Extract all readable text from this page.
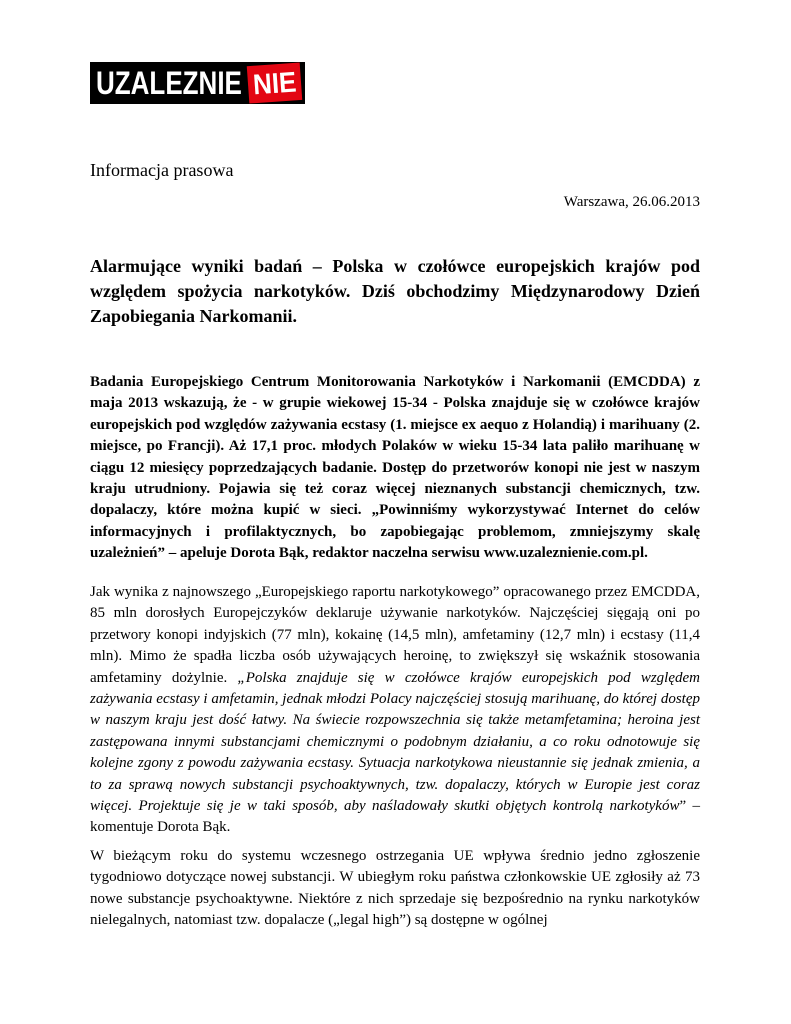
UZALEZNIE NIE
Informacja prasowa
Warszawa, 26.06.2013
Alarmujące wyniki badań – Polska w czołówce europejskich krajów pod względem spożycia narkotyków. Dziś obchodzimy Międzynarodowy Dzień Zapobiegania Narkomanii.

Badania Europejskiego Centrum Monitorowania Narkotyków i Narkomanii (EMCDDA) z maja 2013 wskazują, że - w grupie wiekowej 15-34 - Polska znajduje się w czołówce krajów europejskich pod względów zażywania ecstasy (1. miejsce ex aequo z Holandią) i marihuany (2. miejsce, po Francji). Aż 17,1 proc. młodych Polaków w wieku 15-34 lata paliło marihuanę w ciągu 12 miesięcy poprzedzających badanie. Dostęp do przetworów konopi nie jest w naszym kraju utrudniony. Pojawia się też coraz więcej nieznanych substancji chemicznych, tzw. dopalaczy, które można kupić w sieci. „Powinniśmy wykorzystywać Internet do celów informacyjnych i profilaktycznych, bo zapobiegając problemom, zmniejszymy skalę uzależnień” – apeluje Dorota Bąk, redaktor naczelna serwisu www.uzaleznienie.com.pl.

Jak wynika z najnowszego „Europejskiego raportu narkotykowego” opracowanego przez EMCDDA, 85 mln dorosłych Europejczyków deklaruje używanie narkotyków. Najczęściej sięgają oni po przetwory konopi indyjskich (77 mln), kokainę (14,5 mln), amfetaminy (12,7 mln) i ecstasy (11,4 mln). Mimo że spadła liczba osób używających heroinę, to zwiększył się wskaźnik stosowania amfetaminy dożylnie. „Polska znajduje się w czołówce krajów europejskich pod względem zażywania ecstasy i amfetamin, jednak młodzi Polacy najczęściej stosują marihuanę, do której dostęp w naszym kraju jest dość łatwy. Na świecie rozpowszechnia się także metamfetamina; heroina jest zastępowana innymi substancjami chemicznymi o podobnym działaniu, a co roku odnotowuje się kolejne zgony z powodu zażywania ecstasy. Sytuacja narkotykowa nieustannie się jednak zmienia, a to za sprawą nowych substancji psychoaktywnych, tzw. dopalaczy, których w Europie jest coraz więcej. Projektuje się je w taki sposób, aby naśladowały skutki objętych kontrolą narkotyków” – komentuje Dorota Bąk.

W bieżącym roku do systemu wczesnego ostrzegania UE wpływa średnio jedno zgłoszenie tygodniowo dotyczące nowej substancji. W ubiegłym roku państwa członkowskie UE zgłosiły aż 73 nowe substancje psychoaktywne. Niektóre z nich sprzedaje się bezpośrednio na rynku narkotyków nielegalnych, natomiast tzw. dopalacze („legal high”) są dostępne w ogólnej
